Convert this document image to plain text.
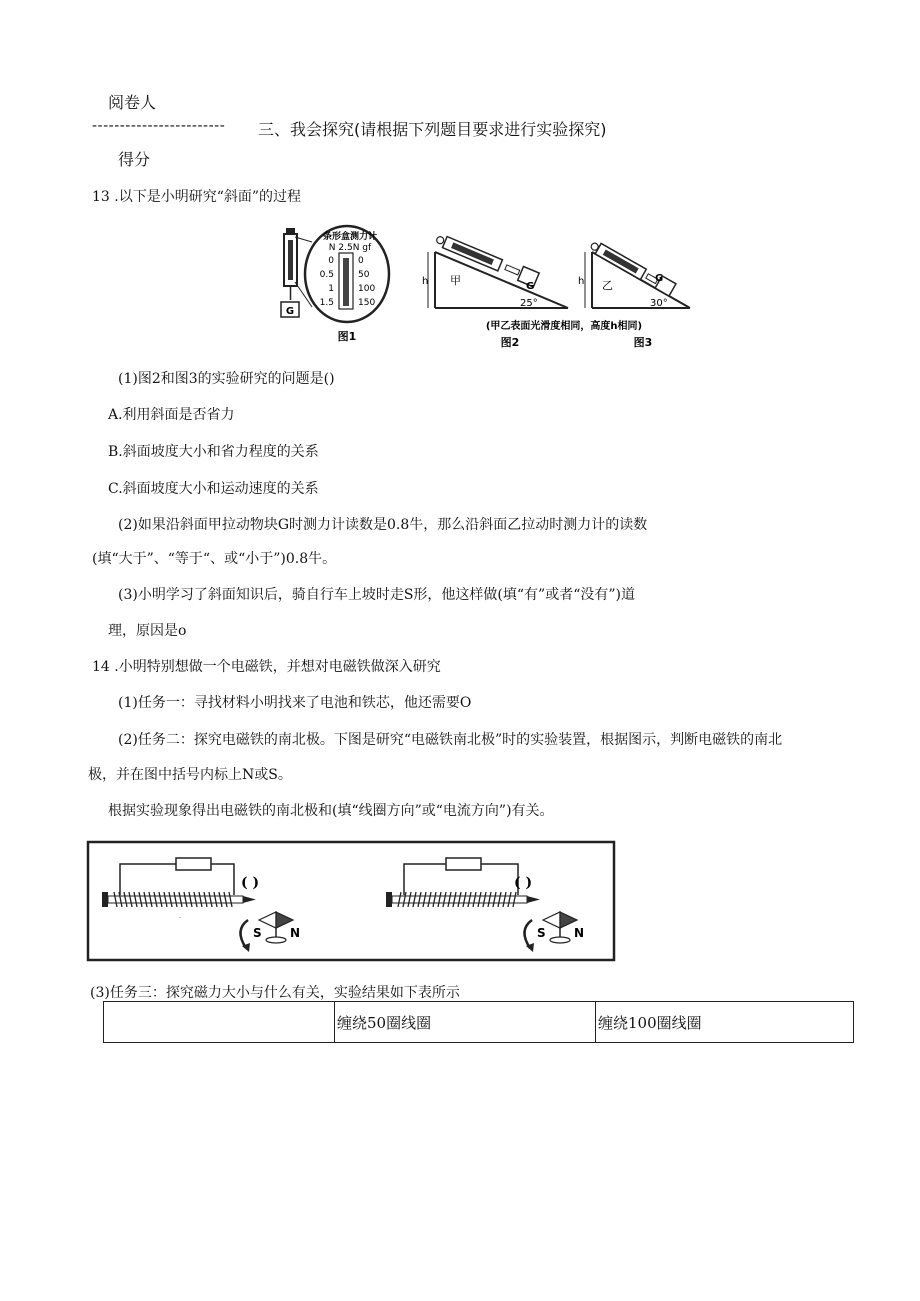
阅卷人
------------------------ 三、我会探究(请根据下列题目要求进行实验探究)
得分
13 .以下是小明研究“斜面”的过程
G
条形盒测力计
N 2.5N gf
0
0.5
1
1.5
0
50
100
150
图1
h 甲	G
25°
h 乙
G
30°
(甲乙表面光滑度相同，高度h相同)
图2	图3
(1)图2和图3的实验研究的问题是()
A.利用斜面是否省力
B.斜面坡度大小和省力程度的关系
C.斜面坡度大小和运动速度的关系
(2)如果沿斜面甲拉动物块G时测力计读数是0.8牛，那么沿斜面乙拉动时测力计的读数
(填“大于”、“等于“、或“小于”)0.8牛。
(3)小明学习了斜面知识后，骑自行车上坡时走S形，他这样做(填“有”或者“没有”)道
理，原因是o
14 .小明特别想做一个电磁铁，并想对电磁铁做深入研究
(1)任务一：寻找材料小明找来了电池和铁芯，他还需要O
(2)任务二：探究电磁铁的南北极。下图是研究“电磁铁南北极”时的实验装置，根据图示，判断电磁铁的南北
极，并在图中括号内标上N或S。
根据实验现象得出电磁铁的南北极和(填“线圈方向”或“电流方向”)有关。
( )
S N
.
( )
S N
(3)任务三：探究磁力大小与什么有关，实验结果如下表所示
	缠绕50圈线圈	缠绕100圈线圈
